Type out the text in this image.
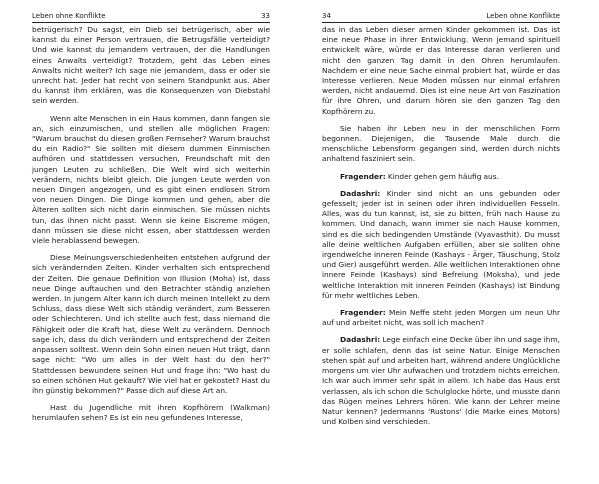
Leben ohne Konflikte	33

betrügerisch? Du sagst, ein Dieb sei betrügerisch, aber wie kannst du einer Person vertrauen, die Betrugsfälle verteidigt? Und wie kannst du jemandem vertrauen, der die Handlungen eines Anwalts verteidigt? Trotzdem, geht das Leben eines Anwalts nicht weiter? Ich sage nie jemandem, dass er oder sie unrecht hat. Jeder hat recht von seinem Standpunkt aus. Aber du kannst ihm erklären, was die Konsequenzen von Diebstahl sein werden.

Wenn alte Menschen in ein Haus kommen, dann fangen sie an, sich einzumischen, und stellen alle möglichen Fragen: "Warum brauchst du diesen großen Fernseher? Warum brauchst du ein Radio?" Sie sollten mit diesem dummen Einmischen aufhören und stattdessen versuchen, Freundschaft mit den jungen Leuten zu schließen. Die Welt wird sich weiterhin verändern, nichts bleibt gleich. Die jungen Leute werden von neuen Dingen angezogen, und es gibt einen endlosen Strom von neuen Dingen. Die Dinge kommen und gehen, aber die Älteren sollten sich nicht darin einmischen. Sie müssen nichts tun, das ihnen nicht passt. Wenn sie keine Eiscreme mögen, dann müssen sie diese nicht essen, aber stattdessen werden viele herablassend bewegen.

Diese Meinungsverschiedenheiten entstehen aufgrund der sich verändernden Zeiten. Kinder verhalten sich entsprechend der Zeiten. Die genaue Definition von Illusion (Moha) ist, dass neue Dinge auftauchen und den Betrachter ständig anziehen werden. In jungem Alter kann ich durch meinen Intellekt zu dem Schluss, dass diese Welt sich ständig verändert, zum Besseren oder Schlechteren. Und ich stellte auch fest, dass niemand die Fähigkeit oder die Kraft hat, diese Welt zu verändern. Dennoch sage ich, dass du dich verändern und entsprechend der Zeiten anpassen solltest. Wenn dein Sohn einen neuen Hut trägt, dann sage nicht: "Wo um alles in der Welt hast du den her?" Stattdessen bewundere seinen Hut und frage ihn: "Wo hast du so einen schönen Hut gekauft? Wie viel hat er gekostet? Hast du ihn günstig bekommen?" Passe dich auf diese Art an.

Hast du Jugendliche mit ihren Kopfhörern (Walkman) herumlaufen sehen? Es ist ein neu gefundenes Interesse,

34	Leben ohne Konflikte

das in das Leben dieser armen Kinder gekommen ist. Das ist eine neue Phase in ihrer Entwicklung. Wenn jemand spirituell entwickelt wäre, würde er das Interesse daran verlieren und nicht den ganzen Tag damit in den Ohren herumlaufen. Nachdem er eine neue Sache einmal probiert hat, würde er das Interesse verlieren. Neue Moden müssen nur einmal erfahren werden, nicht andauernd. Dies ist eine neue Art von Faszination für ihre Ohren, und darum hören sie den ganzen Tag den Kopfhörern zu.

Sie haben ihr Leben neu in der menschlichen Form begonnen. Diejenigen, die Tausende Male durch die menschliche Lebensform gegangen sind, werden durch nichts anhaltend fasziniert sein.

Fragender: Kinder gehen gern häufig aus.

Dadashri: Kinder sind nicht an uns gebunden oder gefesselt; jeder ist in seinen oder ihren individuellen Fesseln. Alles, was du tun kannst, ist, sie zu bitten, früh nach Hause zu kommen. Und danach, wann immer sie nach Hause kommen, sind es die sich bedingenden Umstände (Vyavasthit). Du musst alle deine weltlichen Aufgaben erfüllen, aber sie sollten ohne irgendwelche inneren Feinde (Kashays - Ärger, Täuschung, Stolz und Gier) ausgeführt werden. Alle weltlichen Interaktionen ohne innere Feinde (Kashays) sind Befreiung (Moksha), und jede weltliche Interaktion mit inneren Feinden (Kashays) ist Bindung für mehr weltliches Leben.

Fragender: Mein Neffe steht jeden Morgen um neun Uhr auf und arbeitet nicht, was soll ich machen?

Dadashri: Lege einfach eine Decke über ihn und sage ihm, er solle schlafen, denn das ist seine Natur. Einige Menschen stehen spät auf und arbeiten hart, während andere Unglückliche morgens um vier Uhr aufwachen und trotzdem nichts erreichen. Ich war auch immer sehr spät in allem. Ich habe das Haus erst verlassen, als ich schon die Schulglocke hörte, und musste dann das Rügen meines Lehrers hören. Wie kann der Lehrer meine Natur kennen? Jedermanns 'Rustons' (die Marke eines Motors) und Kolben sind verschieden.
